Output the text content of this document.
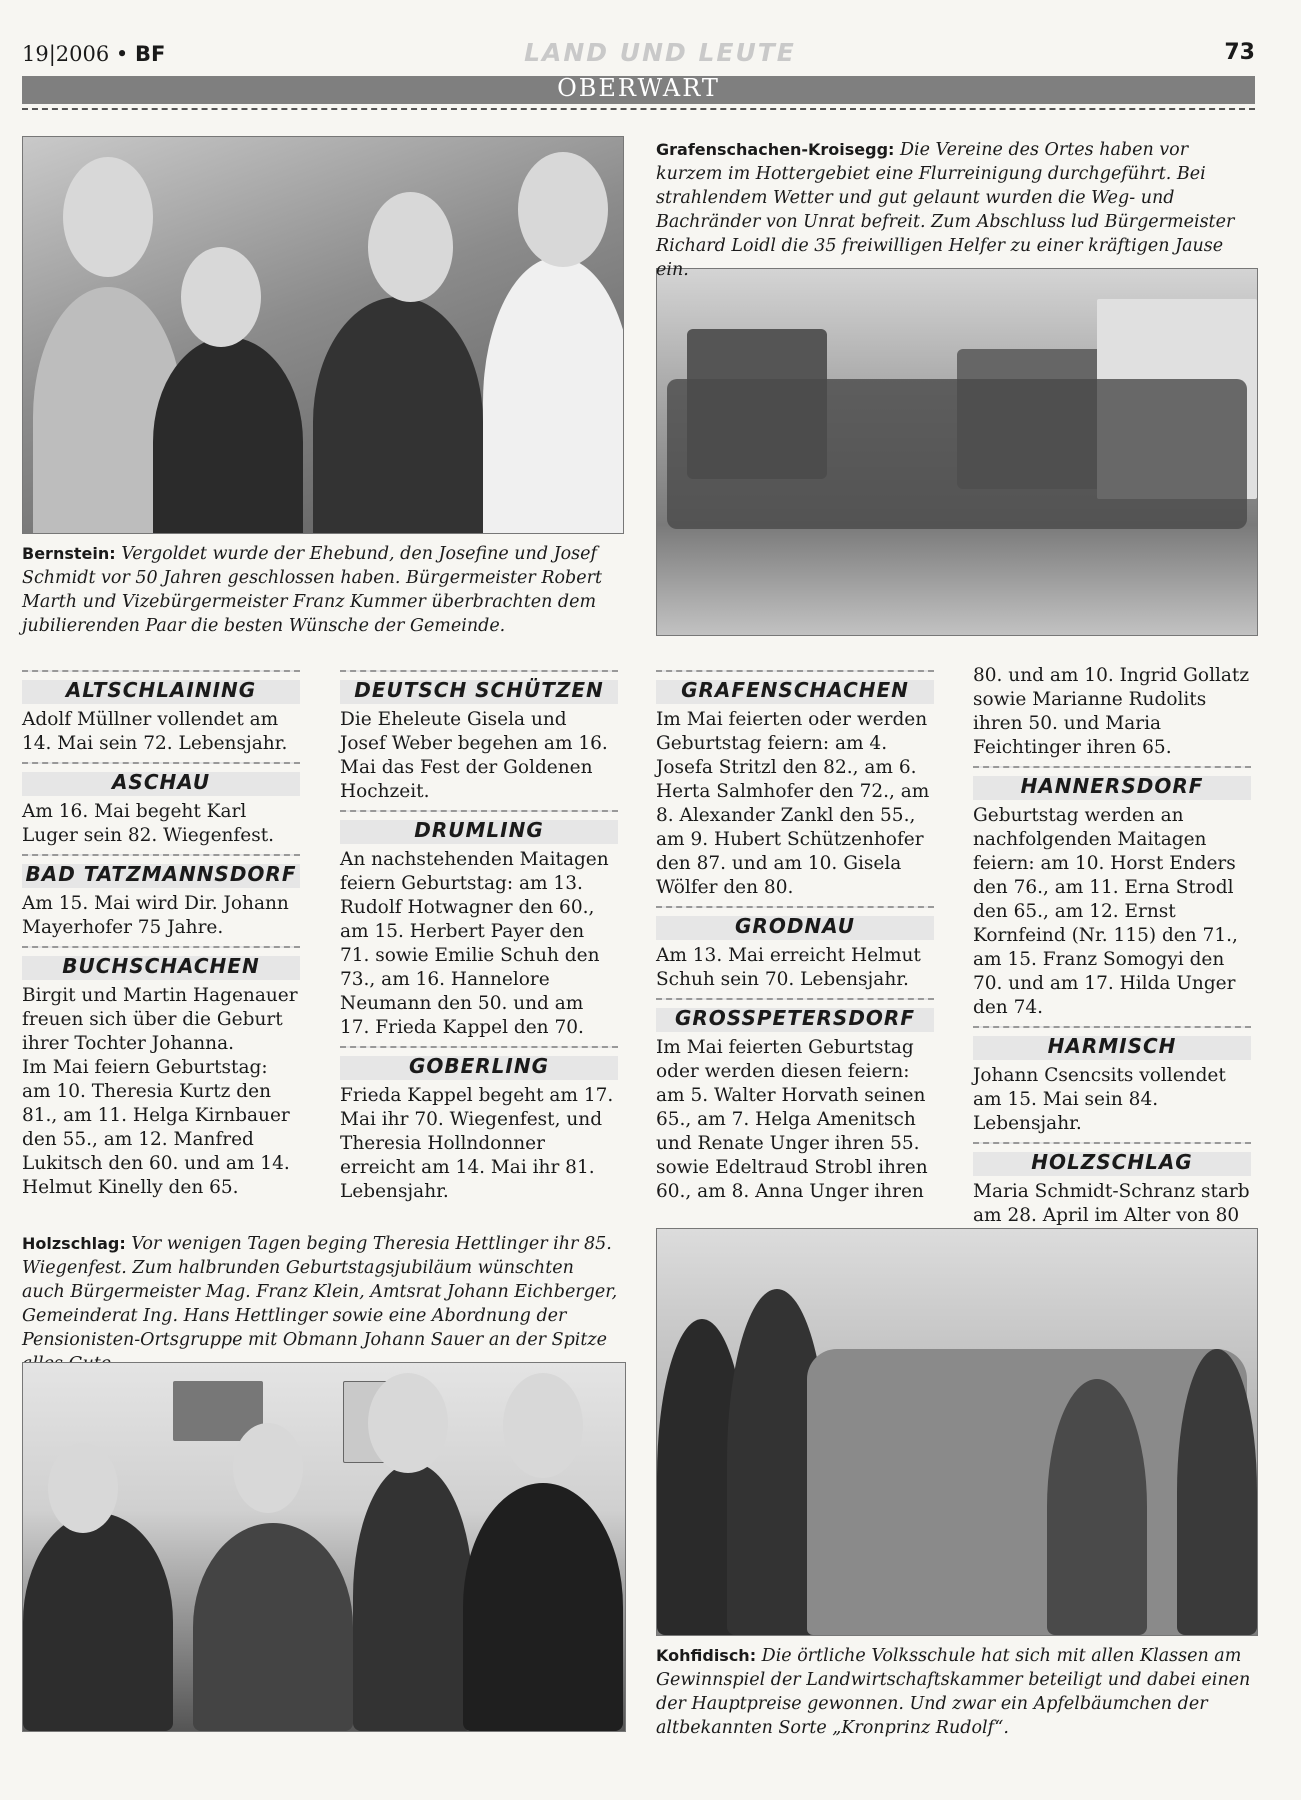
19|2006 • BF	LAND UND LEUTE	73
OBERWART
Grafenschachen-Kroisegg: Die Vereine des Ortes haben vor kurzem im Hottergebiet eine Flurreinigung durchgeführt. Bei strahlendem Wetter und gut gelaunt wurden die Weg- und Bachränder von Unrat befreit. Zum Abschluss lud Bürgermeister Richard Loidl die 35 freiwilligen Helfer zu einer kräftigen Jause ein.
Bernstein: Vergoldet wurde der Ehebund, den Josefine und Josef Schmidt vor 50 Jahren geschlossen haben. Bürgermeister Robert Marth und Vizebürgermeister Franz Kummer überbrachten dem jubilierenden Paar die besten Wünsche der Gemeinde.
ALTSCHLAINING
Adolf Müllner vollendet am 14. Mai sein 72. Lebensjahr.
ASCHAU
Am 16. Mai begeht Karl Luger sein 82. Wiegenfest.
BAD TATZMANNSDORF
Am 15. Mai wird Dir. Johann Mayerhofer 75 Jahre.
BUCHSCHACHEN
Birgit und Martin Hagenauer freuen sich über die Geburt ihrer Tochter Johanna.
Im Mai feiern Geburtstag: am 10. Theresia Kurtz den 81., am 11. Helga Kirnbauer den 55., am 12. Manfred Lukitsch den 60. und am 14. Helmut Kinelly den 65.
DEUTSCH SCHÜTZEN
Die Eheleute Gisela und Josef Weber begehen am 16. Mai das Fest der Goldenen Hochzeit.
DRUMLING
An nachstehenden Maitagen feiern Geburtstag: am 13. Rudolf Hotwagner den 60., am 15. Herbert Payer den 71. sowie Emilie Schuh den 73., am 16. Hannelore Neumann den 50. und am 17. Frieda Kappel den 70.
GOBERLING
Frieda Kappel begeht am 17. Mai ihr 70. Wiegenfest, und Theresia Hollndonner erreicht am 14. Mai ihr 81. Lebensjahr.
GRAFENSCHACHEN
Im Mai feierten oder werden Geburtstag feiern: am 4. Josefa Stritzl den 82., am 6. Herta Salmhofer den 72., am 8. Alexander Zankl den 55., am 9. Hubert Schützenhofer den 87. und am 10. Gisela Wölfer den 80.
GRODNAU
Am 13. Mai erreicht Helmut Schuh sein 70. Lebensjahr.
GROSSPETERSDORF
Im Mai feierten Geburtstag oder werden diesen feiern: am 5. Walter Horvath seinen 65., am 7. Helga Amenitsch und Renate Unger ihren 55. sowie Edeltraud Strobl ihren 60., am 8. Anna Unger ihren
80. und am 10. Ingrid Gollatz sowie Marianne Rudolits ihren 50. und Maria Feichtinger ihren 65.
HANNERSDORF
Geburtstag werden an nachfolgenden Maitagen feiern: am 10. Horst Enders den 76., am 11. Erna Strodl den 65., am 12. Ernst Kornfeind (Nr. 115) den 71., am 15. Franz Somogyi den 70. und am 17. Hilda Unger den 74.
HARMISCH
Johann Csencsits vollendet am 15. Mai sein 84. Lebensjahr.
HOLZSCHLAG
Maria Schmidt-Schranz starb am 28. April im Alter von 80
Holzschlag: Vor wenigen Tagen beging Theresia Hettlinger ihr 85. Wiegenfest. Zum halbrunden Geburtstagsjubiläum wünschten auch Bürgermeister Mag. Franz Klein, Amtsrat Johann Eichberger, Gemeinderat Ing. Hans Hettlinger sowie eine Abordnung der Pensionisten-Ortsgruppe mit Obmann Johann Sauer an der Spitze
Kohfidisch: Die örtliche Volksschule hat sich mit allen Klassen am Gewinnspiel der Landwirtschaftskammer beteiligt und dabei einen der Hauptpreise gewonnen. Und zwar ein Apfelbäumchen der altbekannten Sorte „Kronprinz Rudolf“.
